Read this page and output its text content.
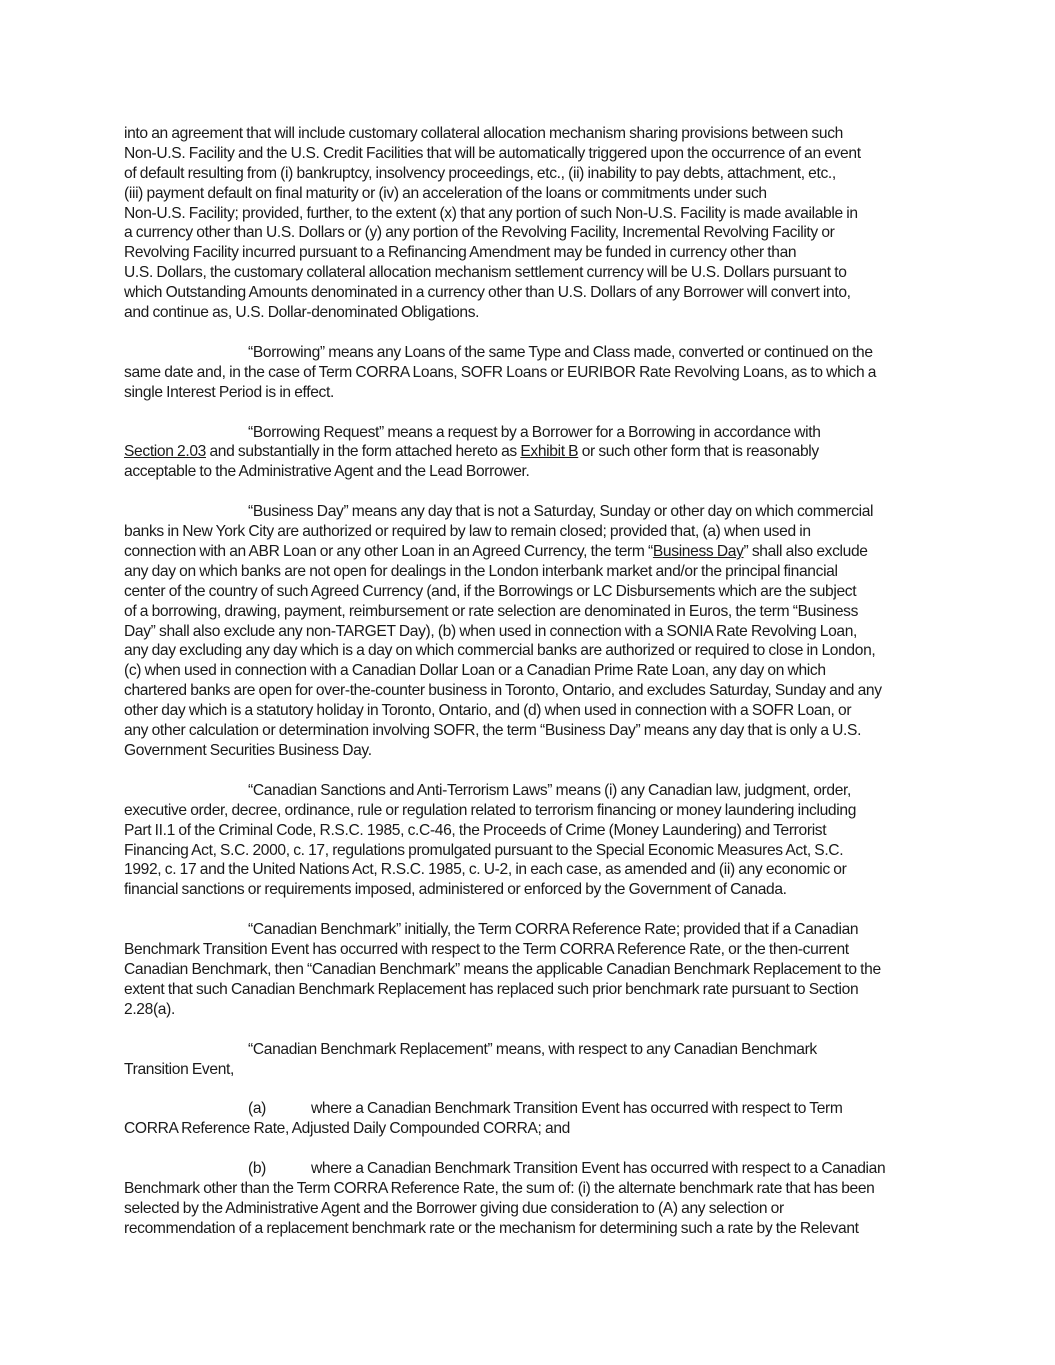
into an agreement that will include customary collateral allocation mechanism sharing provisions between such
Non-U.S. Facility and the U.S. Credit Facilities that will be automatically triggered upon the occurrence of an event
of default resulting from (i) bankruptcy, insolvency proceedings, etc., (ii) inability to pay debts, attachment, etc.,
(iii) payment default on final maturity or (iv) an acceleration of the loans or commitments under such
Non-U.S. Facility; provided, further, to the extent (x) that any portion of such Non-U.S. Facility is made available in
a currency other than U.S. Dollars or (y) any portion of the Revolving Facility, Incremental Revolving Facility or
Revolving Facility incurred pursuant to a Refinancing Amendment may be funded in currency other than
U.S. Dollars, the customary collateral allocation mechanism settlement currency will be U.S. Dollars pursuant to
which Outstanding Amounts denominated in a currency other than U.S. Dollars of any Borrower will convert into,
and continue as, U.S. Dollar-denominated Obligations.
“Borrowing” means any Loans of the same Type and Class made, converted or continued on the
same date and, in the case of Term CORRA Loans, SOFR Loans or EURIBOR Rate Revolving Loans, as to which a
single Interest Period is in effect.
“Borrowing Request” means a request by a Borrower for a Borrowing in accordance with
Section 2.03 and substantially in the form attached hereto as Exhibit B or such other form that is reasonably
acceptable to the Administrative Agent and the Lead Borrower.
“Business Day” means any day that is not a Saturday, Sunday or other day on which commercial
banks in New York City are authorized or required by law to remain closed; provided that, (a) when used in
connection with an ABR Loan or any other Loan in an Agreed Currency, the term “Business Day” shall also exclude
any day on which banks are not open for dealings in the London interbank market and/or the principal financial
center of the country of such Agreed Currency (and, if the Borrowings or LC Disbursements which are the subject
of a borrowing, drawing, payment, reimbursement or rate selection are denominated in Euros, the term “Business
Day” shall also exclude any non-TARGET Day), (b) when used in connection with a SONIA Rate Revolving Loan,
any day excluding any day which is a day on which commercial banks are authorized or required to close in London,
(c) when used in connection with a Canadian Dollar Loan or a Canadian Prime Rate Loan, any day on which
chartered banks are open for over-the-counter business in Toronto, Ontario, and excludes Saturday, Sunday and any
other day which is a statutory holiday in Toronto, Ontario, and (d) when used in connection with a SOFR Loan, or
any other calculation or determination involving SOFR, the term “Business Day” means any day that is only a U.S.
Government Securities Business Day.
“Canadian Sanctions and Anti-Terrorism Laws” means (i) any Canadian law, judgment, order,
executive order, decree, ordinance, rule or regulation related to terrorism financing or money laundering including
Part II.1 of the Criminal Code, R.S.C. 1985, c.C-46, the Proceeds of Crime (Money Laundering) and Terrorist
Financing Act, S.C. 2000, c. 17, regulations promulgated pursuant to the Special Economic Measures Act, S.C.
1992, c. 17 and the United Nations Act, R.S.C. 1985, c. U-2, in each case, as amended and (ii) any economic or
financial sanctions or requirements imposed, administered or enforced by the Government of Canada.
“Canadian Benchmark” initially, the Term CORRA Reference Rate; provided that if a Canadian
Benchmark Transition Event has occurred with respect to the Term CORRA Reference Rate, or the then-current
Canadian Benchmark, then “Canadian Benchmark” means the applicable Canadian Benchmark Replacement to the
extent that such Canadian Benchmark Replacement has replaced such prior benchmark rate pursuant to Section
2.28(a).
“Canadian Benchmark Replacement” means, with respect to any Canadian Benchmark
Transition Event,
(a)	where a Canadian Benchmark Transition Event has occurred with respect to Term
CORRA Reference Rate, Adjusted Daily Compounded CORRA; and
(b)	where a Canadian Benchmark Transition Event has occurred with respect to a Canadian
Benchmark other than the Term CORRA Reference Rate, the sum of: (i) the alternate benchmark rate that has been
selected by the Administrative Agent and the Borrower giving due consideration to (A) any selection or
recommendation of a replacement benchmark rate or the mechanism for determining such a rate by the Relevant
